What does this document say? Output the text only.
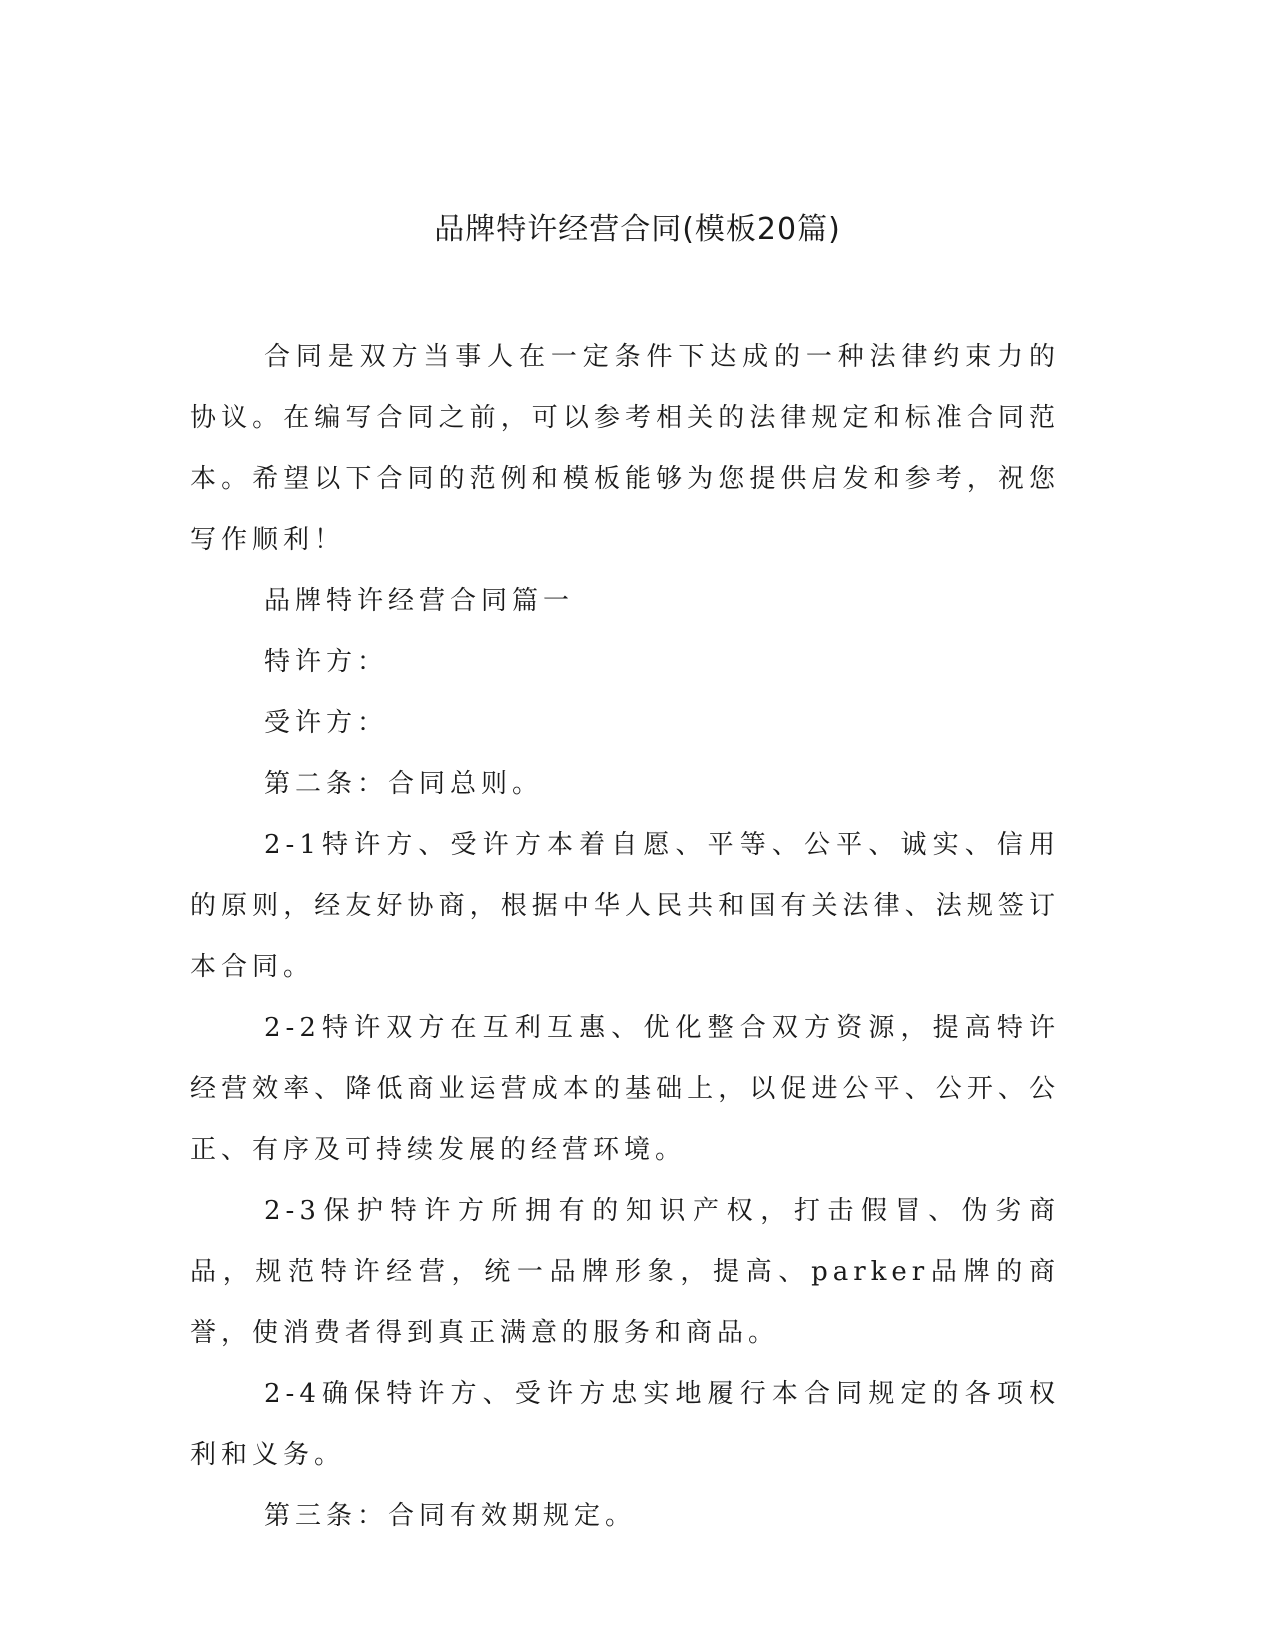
品牌特许经营合同(模板20篇)

合同是双方当事人在一定条件下达成的一种法律约束力的协议。在编写合同之前，可以参考相关的法律规定和标准合同范本。希望以下合同的范例和模板能够为您提供启发和参考，祝您写作顺利！

品牌特许经营合同篇一

特许方：

受许方：

第二条：合同总则。

2-1特许方、受许方本着自愿、平等、公平、诚实、信用的原则，经友好协商，根据中华人民共和国有关法律、法规签订本合同。

2-2特许双方在互利互惠、优化整合双方资源，提高特许经营效率、降低商业运营成本的基础上，以促进公平、公开、公正、有序及可持续发展的经营环境。

2-3保护特许方所拥有的知识产权，打击假冒、伪劣商品，规范特许经营，统一品牌形象，提高、parker品牌的商誉，使消费者得到真正满意的服务和商品。

2-4确保特许方、受许方忠实地履行本合同规定的各项权利和义务。

第三条：合同有效期规定。
